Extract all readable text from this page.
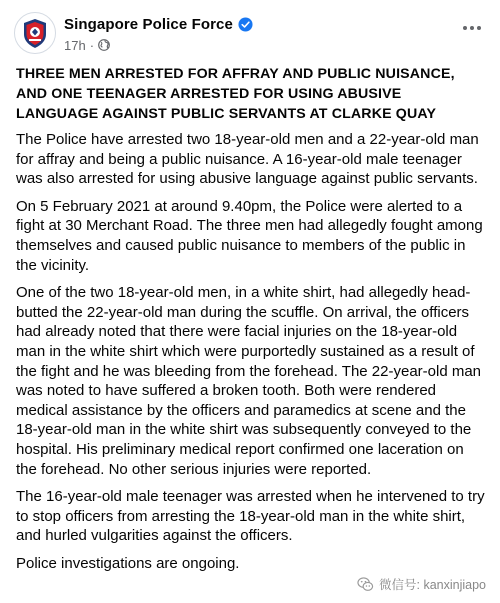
Singapore Police Force
17h ·

THREE MEN ARRESTED FOR AFFRAY AND PUBLIC NUISANCE, AND ONE TEENAGER ARRESTED FOR USING ABUSIVE LANGUAGE AGAINST PUBLIC SERVANTS AT CLARKE QUAY

The Police have arrested two 18-year-old men and a 22-year-old man for affray and being a public nuisance. A 16-year-old male teenager was also arrested for using abusive language against public servants.

On 5 February 2021 at around 9.40pm, the Police were alerted to a fight at 30 Merchant Road. The three men had allegedly fought among themselves and caused public nuisance to members of the public in the vicinity.

One of the two 18-year-old men, in a white shirt, had allegedly head-butted the 22-year-old man during the scuffle. On arrival, the officers had already noted that there were facial injuries on the 18-year-old man in the white shirt which were purportedly sustained as a result of the fight and he was bleeding from the forehead. The 22-year-old man was noted to have suffered a broken tooth. Both were rendered medical assistance by the officers and paramedics at scene and the 18-year-old man in the white shirt was subsequently conveyed to the hospital. His preliminary medical report confirmed one laceration on the forehead. No other serious injuries were reported.

The 16-year-old male teenager was arrested when he intervened to try to stop officers from arresting the 18-year-old man in the white shirt, and hurled vulgarities against the officers.

Police investigations are ongoing.

微信号: kanxinjiapo
